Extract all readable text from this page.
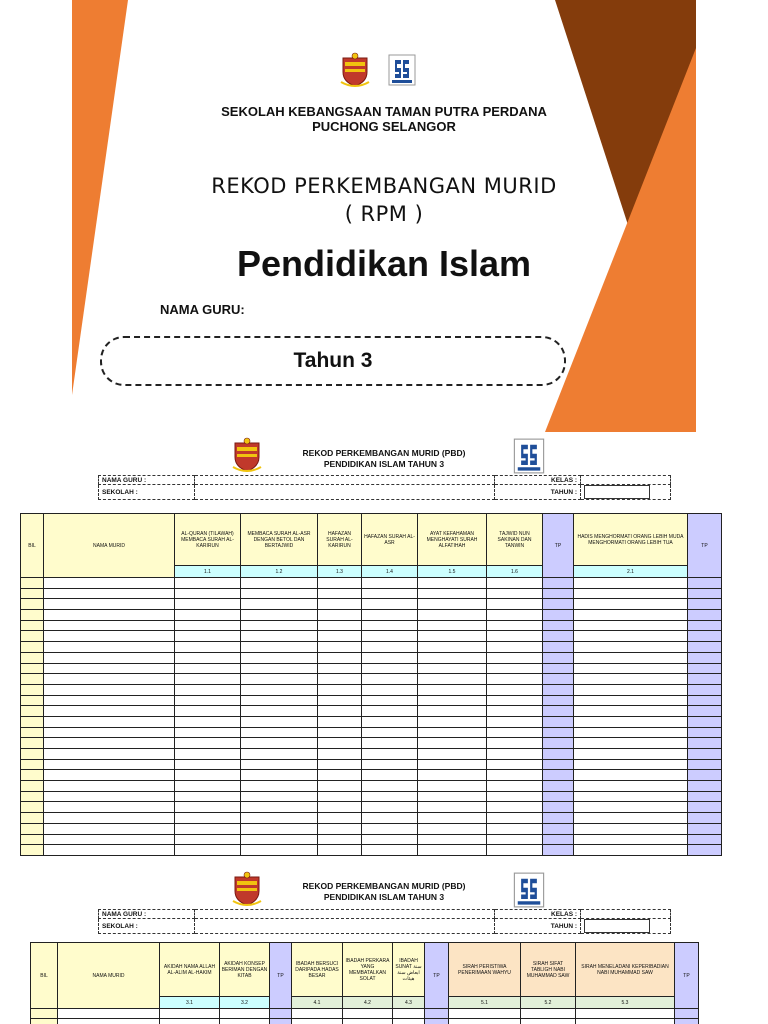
SEKOLAH KEBANGSAAN TAMAN PUTRA PERDANA
PUCHONG SELANGOR
REKOD PERKEMBANGAN MURID
( RPM )
Pendidikan Islam
NAMA GURU:
Tahun 3
REKOD PERKEMBANGAN MURID (PBD)
PENDIDIKAN ISLAM TAHUN 3
NAMA GURU :		KELAS :	
SEKOLAH :		TAHUN :	
BIL	NAMA MURID	AL-QURAN (TILAWAH) MEMBACA SURAH AL-KARIRUN	MEMBACA SURAH AL-ASR DENGAN BETOL DAN BERTAJWID	HAFAZAN SURAH AL-KARIRUN	HAFAZAN SURAH AL-ASR	AYAT KEFAHAMAN MENGHAYATI SURAH ALFATIHAH	TAJWID NUN SAKINAN DAN TANWIN	TP	HADIS MENGHORMATI ORANG LEBIH MUDA MENGHORMATI ORANG LEBIH TUA	TP
		1.1	1.2	1.3	1.4	1.5	1.6		2.1	

REKOD PERKEMBANGAN MURID (PBD)
PENDIDIKAN ISLAM TAHUN 3
NAMA GURU :		KELAS :	
SEKOLAH :		TAHUN :	
BIL	NAMA MURID	AKIDAH NAMA ALLAH AL-ALIM AL-HAKIM	AKIDAH KONSEP BERIMAN DENGAN KITAB	TP	IBADAH BERSUCI DARIPADA HADAS BESAR	IBADAH PERKARA YANG MEMBATALKAN SOLAT	IBADAH SUNAT سنة ابعاض سنة هيئات	TP	SIRAH PERISTIWA PENERIMAAN WAHYU	SIRAH SIFAT TABLIGH NABI MUHAMMAD SAW	SIRAH MENELADANI KEPERIBADIAN NABI MUHAMMAD SAW	TP
		3.1	3.2		4.1	4.2	4.3		5.1	5.2	5.3	
